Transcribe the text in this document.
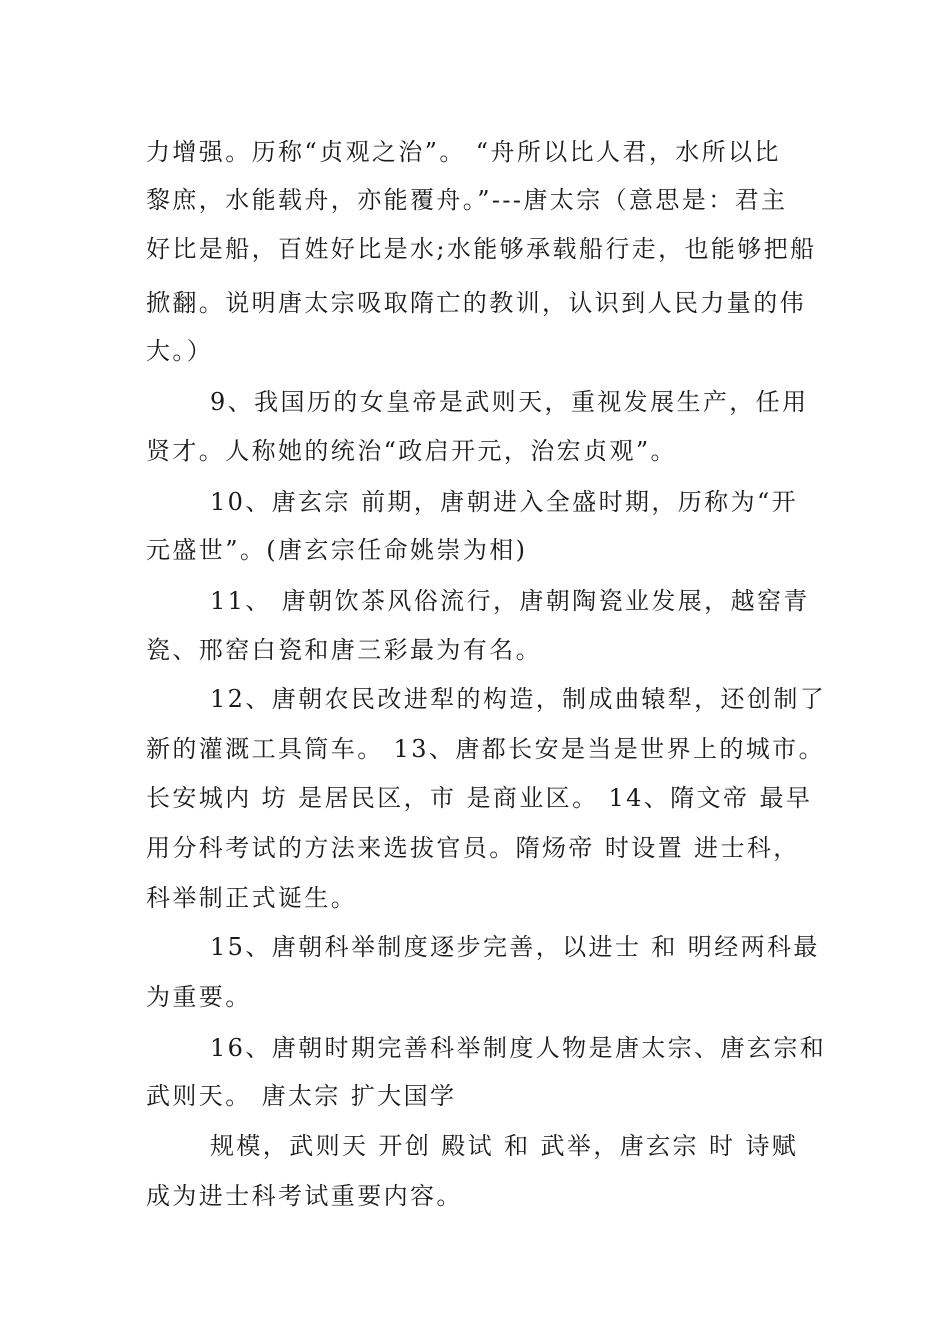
力增强。历称“贞观之治”。 “舟所以比人君，水所以比
黎庶，水能载舟，亦能覆舟。”---唐太宗（意思是：君主
好比是船，百姓好比是水;水能够承载船行走，也能够把船
掀翻。说明唐太宗吸取隋亡的教训，认识到人民力量的伟
大。）
9、我国历的女皇帝是武则天，重视发展生产，任用
贤才。人称她的统治“政启开元，治宏贞观”。
10、唐玄宗 前期，唐朝进入全盛时期，历称为“开
元盛世”。(唐玄宗任命姚崇为相)
11、 唐朝饮茶风俗流行，唐朝陶瓷业发展，越窑青
瓷、邢窑白瓷和唐三彩最为有名。
12、唐朝农民改进犁的构造，制成曲辕犁，还创制了
新的灌溉工具筒车。 13、唐都长安是当是世界上的城市。
长安城内 坊 是居民区，市 是商业区。 14、隋文帝 最早
用分科考试的方法来选拔官员。隋炀帝 时设置 进士科，
科举制正式诞生。
15、唐朝科举制度逐步完善，以进士 和 明经两科最
为重要。
16、唐朝时期完善科举制度人物是唐太宗、唐玄宗和
武则天。 唐太宗 扩大国学
规模，武则天 开创 殿试 和 武举，唐玄宗 时 诗赋
成为进士科考试重要内容。
